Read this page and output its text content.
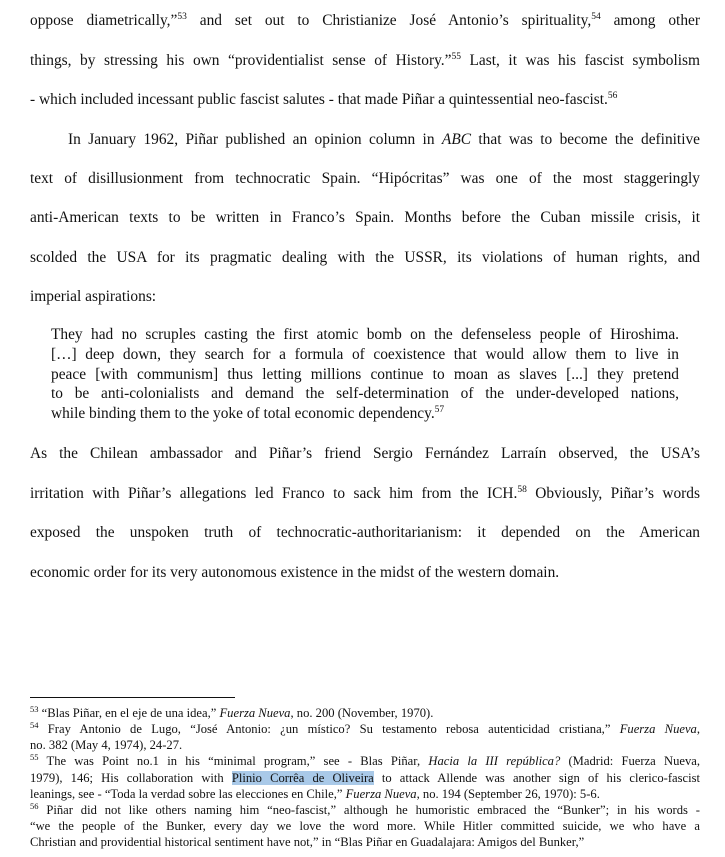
oppose diametrically,”$^{53}$ and set out to Christianize José Antonio’s spirituality,$^{54}$ among other
things, by stressing his own “providentialist sense of History.”$^{55}$ Last, it was his fascist symbolism
- which included incessant public fascist salutes - that made Piñar a quintessential neo-fascist.$^{56}$
In January 1962, Piñar published an opinion column in ABC that was to become the definitive
text of disillusionment from technocratic Spain. “Hipócritas” was one of the most staggeringly
anti-American texts to be written in Franco’s Spain. Months before the Cuban missile crisis, it
scolded the USA for its pragmatic dealing with the USSR, its violations of human rights, and
imperial aspirations:
They had no scruples casting the first atomic bomb on the defenseless people of Hiroshima.
[…] deep down, they search for a formula of coexistence that would allow them to live in
peace [with communism] thus letting millions continue to moan as slaves [...] they pretend
to be anti-colonialists and demand the self-determination of the under-developed nations,
while binding them to the yoke of total economic dependency.$^{57}$
As the Chilean ambassador and Piñar’s friend Sergio Fernández Larraín observed, the USA’s
irritation with Piñar’s allegations led Franco to sack him from the ICH.$^{58}$ Obviously, Piñar’s words
exposed the unspoken truth of technocratic-authoritarianism: it depended on the American
economic order for its very autonomous existence in the midst of the western domain.
$^{53}$ “Blas Piñar, en el eje de una idea,” Fuerza Nueva, no. 200 (November, 1970).
$^{54}$ Fray Antonio de Lugo, “José Antonio: ¿un místico? Su testamento rebosa autenticidad cristiana,” Fuerza Nueva,
no. 382 (May 4, 1974), 24-27.
$^{55}$ The was Point no.1 in his “minimal program,” see - Blas Piñar, Hacia la III república? (Madrid: Fuerza Nueva,
1979), 146; His collaboration with Plinio Corrêa de Oliveira to attack Allende was another sign of his clerico-fascist
leanings, see - “Toda la verdad sobre las elecciones en Chile,” Fuerza Nueva, no. 194 (September 26, 1970): 5-6.
$^{56}$ Piñar did not like others naming him “neo-fascist,” although he humoristic embraced the “Bunker”; in his words -
“we the people of the Bunker, every day we love the word more. While Hitler committed suicide, we who have a
Christian and providential historical sentiment have not,” in “Blas Piñar en Guadalajara: Amigos del Bunker,”
